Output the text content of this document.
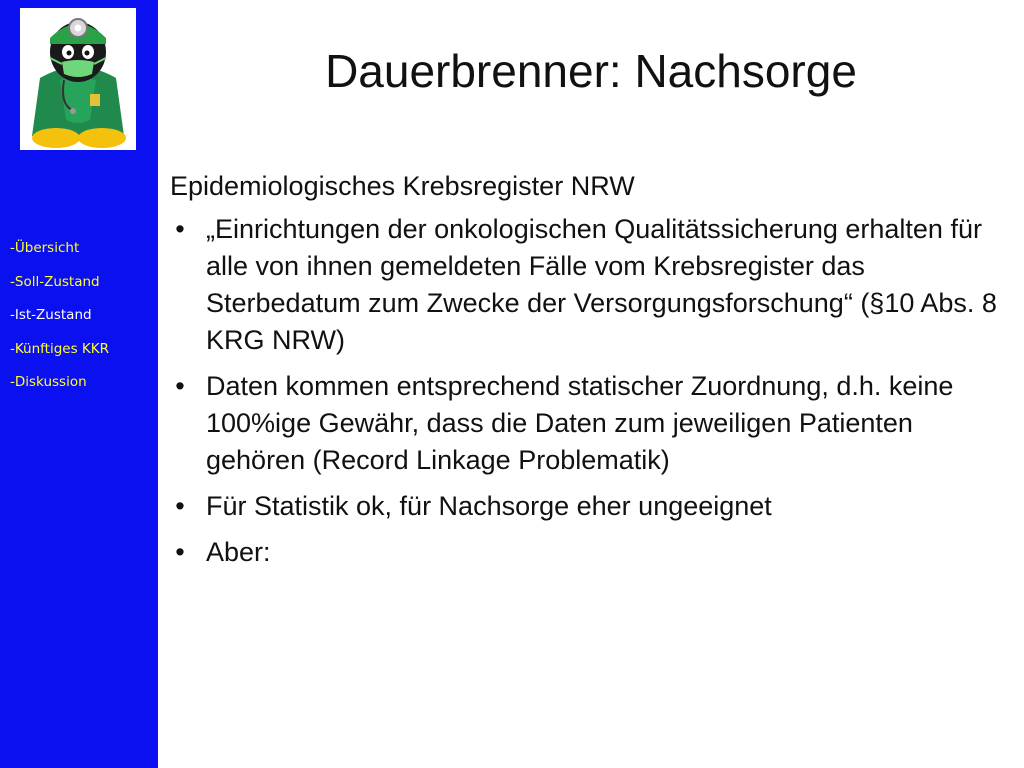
-Übersicht
-Soll-Zustand
-Ist-Zustand
-Künftiges KKR
-Diskussion
Dauerbrenner: Nachsorge

Epidemiologisches Krebsregister NRW

• „Einrichtungen der onkologischen Qualitätssicherung erhalten für alle von ihnen gemeldeten Fälle vom Krebsregister das Sterbedatum zum Zwecke der Versorgungsforschung“ (§10 Abs. 8 KRG NRW)
• Daten kommen entsprechend statischer Zuordnung, d.h. keine 100%ige Gewähr, dass die Daten zum jeweiligen Patienten gehören (Record Linkage Problematik)
• Für Statistik ok, für Nachsorge eher ungeeignet
• Aber:
